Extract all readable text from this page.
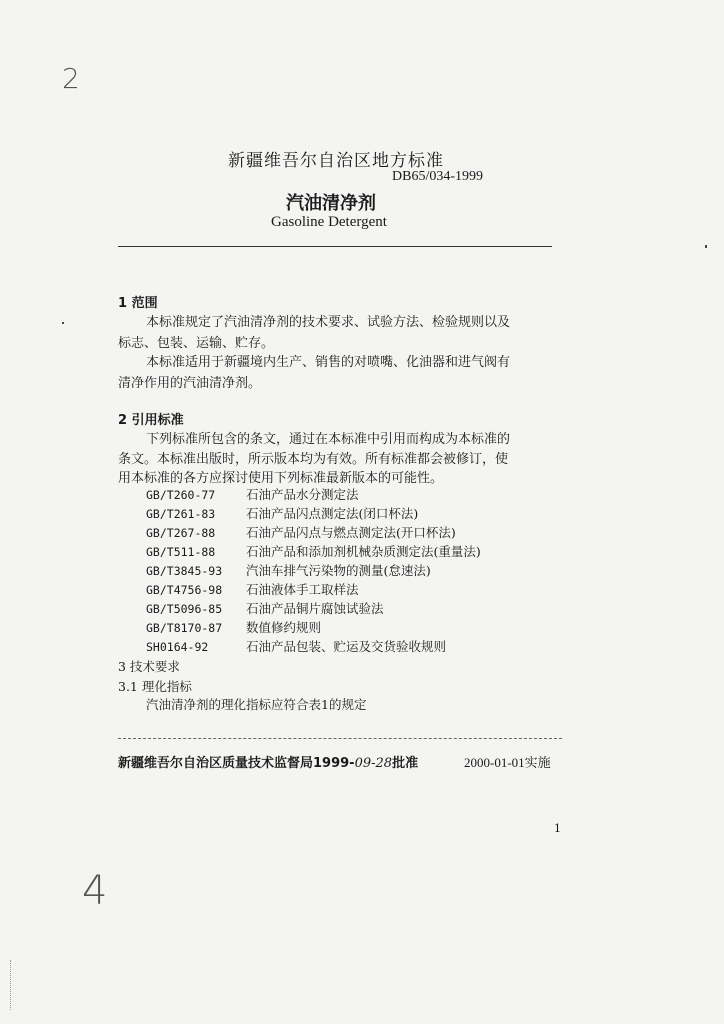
2
4
新疆维吾尔自治区地方标准
DB65/034-1999
汽油清净剂
Gasoline Detergent
1 范围
本标准规定了汽油清净剂的技术要求、试验方法、检验规则以及
标志、包装、运输、贮存。
本标准适用于新疆境内生产、销售的对喷嘴、化油器和进气阀有
清净作用的汽油清净剂。
2 引用标准
下列标准所包含的条文，通过在本标准中引用而构成为本标准的
条文。本标准出版时，所示版本均为有效。所有标准都会被修订，使
用本标准的各方应探讨使用下列标准最新版本的可能性。
GB/T260-77 石油产品水分测定法
GB/T261-83 石油产品闪点测定法(闭口杯法)
GB/T267-88 石油产品闪点与燃点测定法(开口杯法)
GB/T511-88 石油产品和添加剂机械杂质测定法(重量法)
GB/T3845-93 汽油车排气污染物的测量(怠速法)
GB/T4756-98 石油液体手工取样法
GB/T5096-85 石油产品铜片腐蚀试验法
GB/T8170-87 数值修约规则
SH0164-92	石油产品包装、贮运及交货验收规则
3 技术要求
3.1 理化指标
汽油清净剂的理化指标应符合表1的规定
新疆维吾尔自治区质量技术监督局1999-09-28批准	2000-01-01实施
1
